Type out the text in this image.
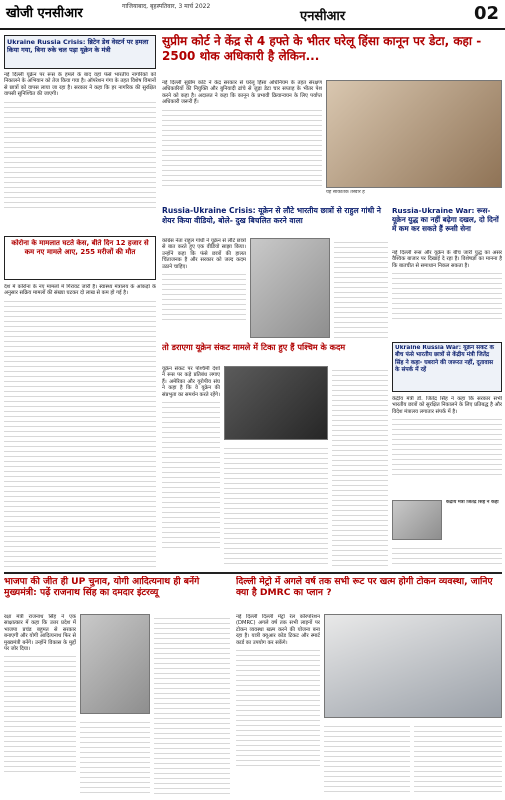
खोजी एनसीआर	गाजियाबाद, बृहस्पतिवार, 3 मार्च 2022
एनसीआर	02
Ukraine Russia Crisis: ब्रिटेन डेथ वेस्टर्न पर हमला किया गया, बिना रुके चल पड़ा यूक्रेन के मंत्री
नई दिल्ली यूक्रेन पर रूस के हमले के बाद वहां फंसे भारतीय नागरिकों को निकालने के अभियान को तेज किया गया है। ऑपरेशन गंगा के तहत विशेष विमानों से छात्रों को वापस लाया जा रहा है। सरकार ने कहा कि हर नागरिक की सुरक्षित वापसी सुनिश्चित की जाएगी।
कोरोना के मामलात घटते केस, बीते दिन 12 हजार से कम नए मामले आए, 255 मरीजों की मौत
देश में कोरोना के नए मामलों में गिरावट जारी है। स्वास्थ्य मंत्रालय के आंकड़ों के अनुसार सक्रिय मामलों की संख्या घटकर दो लाख से कम हो गई है।
सुप्रीम कोर्ट ने केंद्र से 4 हफ्ते के भीतर घरेलू हिंसा कानून पर डेटा, कहा - 2500 थोक अधिकारी है लेकिन...
नई दिल्ली सुप्रीम कोर्ट ने केंद्र सरकार से घरेलू हिंसा अधिनियम के तहत संरक्षण अधिकारियों की नियुक्ति और बुनियादी ढांचे से जुड़ा डेटा चार सप्ताह के भीतर पेश करने को कहा है। अदालत ने कहा कि कानून के प्रभावी क्रियान्वयन के लिए पर्याप्त अधिकारी जरूरी हैं।
यह सांकेतिक तस्वीर है
Russia-Ukraine Crisis: यूक्रेन से लौटे भारतीय छात्रों से राहुल गांधी ने शेयर किया वीडियो, बोले- दुख बिचलित करने वाला
कांग्रेस नेता राहुल गांधी ने यूक्रेन से लौटे छात्रों से बात करते हुए एक वीडियो साझा किया। उन्होंने कहा कि फंसे छात्रों की हालत चिंताजनक है और सरकार को जल्द कदम उठाने चाहिए।
Russia-Ukraine War: रूस-यूक्रेन युद्ध का नहीं बढ़ेगा दखल, दो दिनों में कम कर सकते हैं रूसी सेना
नई दिल्ली रूस और यूक्रेन के बीच जारी युद्ध का असर वैश्विक बाजार पर दिखाई दे रहा है। विशेषज्ञों का मानना है कि बातचीत से समाधान निकल सकता है।
तो डराएगा यूक्रेन संकट मामले में टिका हुए हैं पश्चिम के कदम
यूक्रेन संकट पर पश्चिमी देशों ने रूस पर कड़े प्रतिबंध लगाए हैं। अमेरिका और यूरोपीय संघ ने कहा है कि वे यूक्रेन की संप्रभुता का समर्थन करते रहेंगे।
Ukraine Russia War: यूक्रेन संकट के बीच फंसे भारतीय छात्रों से केंद्रीय मंत्री जितेंद्र सिंह ने कहा- घबराने की जरूरत नहीं, दूतावास के संपर्क में रहें
केंद्रीय मंत्री डॉ. जितेंद्र सिंह ने कहा कि सरकार सभी भारतीय छात्रों को सुरक्षित निकालने के लिए प्रतिबद्ध है और विदेश मंत्रालय लगातार संपर्क में है।
केंद्रीय मंत्री जितेंद्र सिंह ने कहा
भाजपा की जीत ही UP चुनाव, योगी आदित्यनाथ ही बनेंगे मुख्यमंत्री: पढ़ें राजनाथ सिंह का दमदार इंटरव्यू
रक्षा मंत्री राजनाथ सिंह ने एक साक्षात्कार में कहा कि उत्तर प्रदेश में भाजपा प्रचंड बहुमत से सरकार बनाएगी और योगी आदित्यनाथ फिर से मुख्यमंत्री बनेंगे। उन्होंने विकास के मुद्दों पर जोर दिया।
दिल्ली मेट्रो में अगले वर्ष तक सभी रूट पर खत्म होगी टोकन व्यवस्था, जानिए क्या है DMRC का प्लान ?
नई दिल्ली दिल्ली मेट्रो रेल कॉरपोरेशन (DMRC) अगले वर्ष तक सभी लाइनों पर टोकन व्यवस्था खत्म करने की योजना बना रहा है। यात्री क्यूआर कोड टिकट और स्मार्ट कार्ड का उपयोग कर सकेंगे।
